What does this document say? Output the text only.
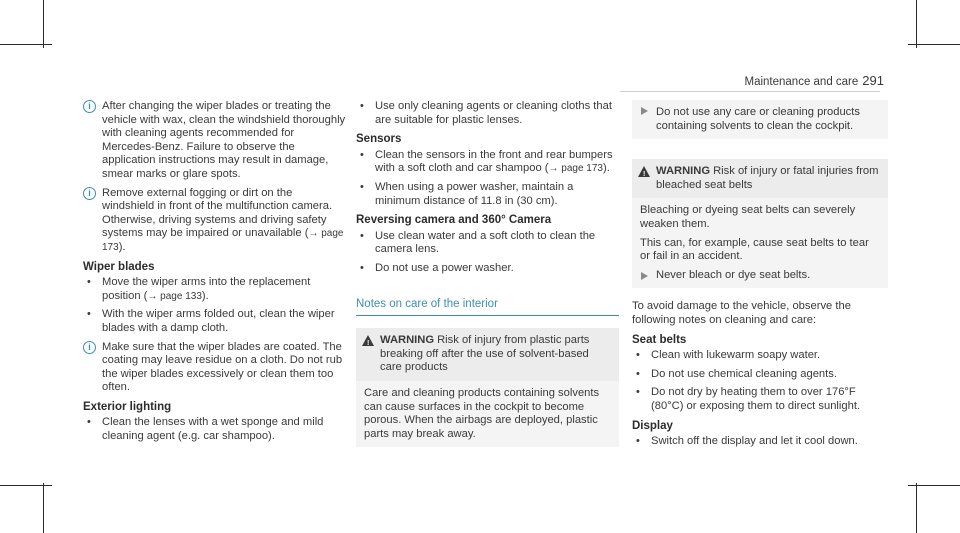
Maintenance and care 291
i	After changing the wiper blades or treating the vehicle with wax, clean the windshield thoroughly with cleaning agents recommended for Mercedes-Benz. Failure to observe the application instructions may result in damage, smear marks or glare spots.
i	Remove external fogging or dirt on the windshield in front of the multifunction camera. Otherwise, driving systems and driving safety systems may be impaired or unavailable (→ page 173).
Wiper blades
• Move the wiper arms into the replacement position (→ page 133).
• With the wiper arms folded out, clean the wiper blades with a damp cloth.
i	Make sure that the wiper blades are coated. The coating may leave residue on a cloth. Do not rub the wiper blades excessively or clean them too often.
Exterior lighting
• Clean the lenses with a wet sponge and mild cleaning agent (e.g. car shampoo).
• Use only cleaning agents or cleaning cloths that are suitable for plastic lenses.
Sensors
• Clean the sensors in the front and rear bumpers with a soft cloth and car shampoo (→ page 173).
• When using a power washer, maintain a minimum distance of 11.8 in (30 cm).
Reversing camera and 360° Camera
• Use clean water and a soft cloth to clean the camera lens.
• Do not use a power washer.
Notes on care of the interior
! WARNING Risk of injury from plastic parts breaking off after the use of solvent-based care products
Care and cleaning products containing solvents can cause surfaces in the cockpit to become porous. When the airbags are deployed, plastic parts may break away.
Do not use any care or cleaning products containing solvents to clean the cockpit.
! WARNING Risk of injury or fatal injuries from bleached seat belts
Bleaching or dyeing seat belts can severely weaken them.
This can, for example, cause seat belts to tear or fail in an accident.
Never bleach or dye seat belts.
To avoid damage to the vehicle, observe the following notes on cleaning and care:
Seat belts
• Clean with lukewarm soapy water.
• Do not use chemical cleaning agents.
• Do not dry by heating them to over 176°F (80°C) or exposing them to direct sunlight.
Display
• Switch off the display and let it cool down.
